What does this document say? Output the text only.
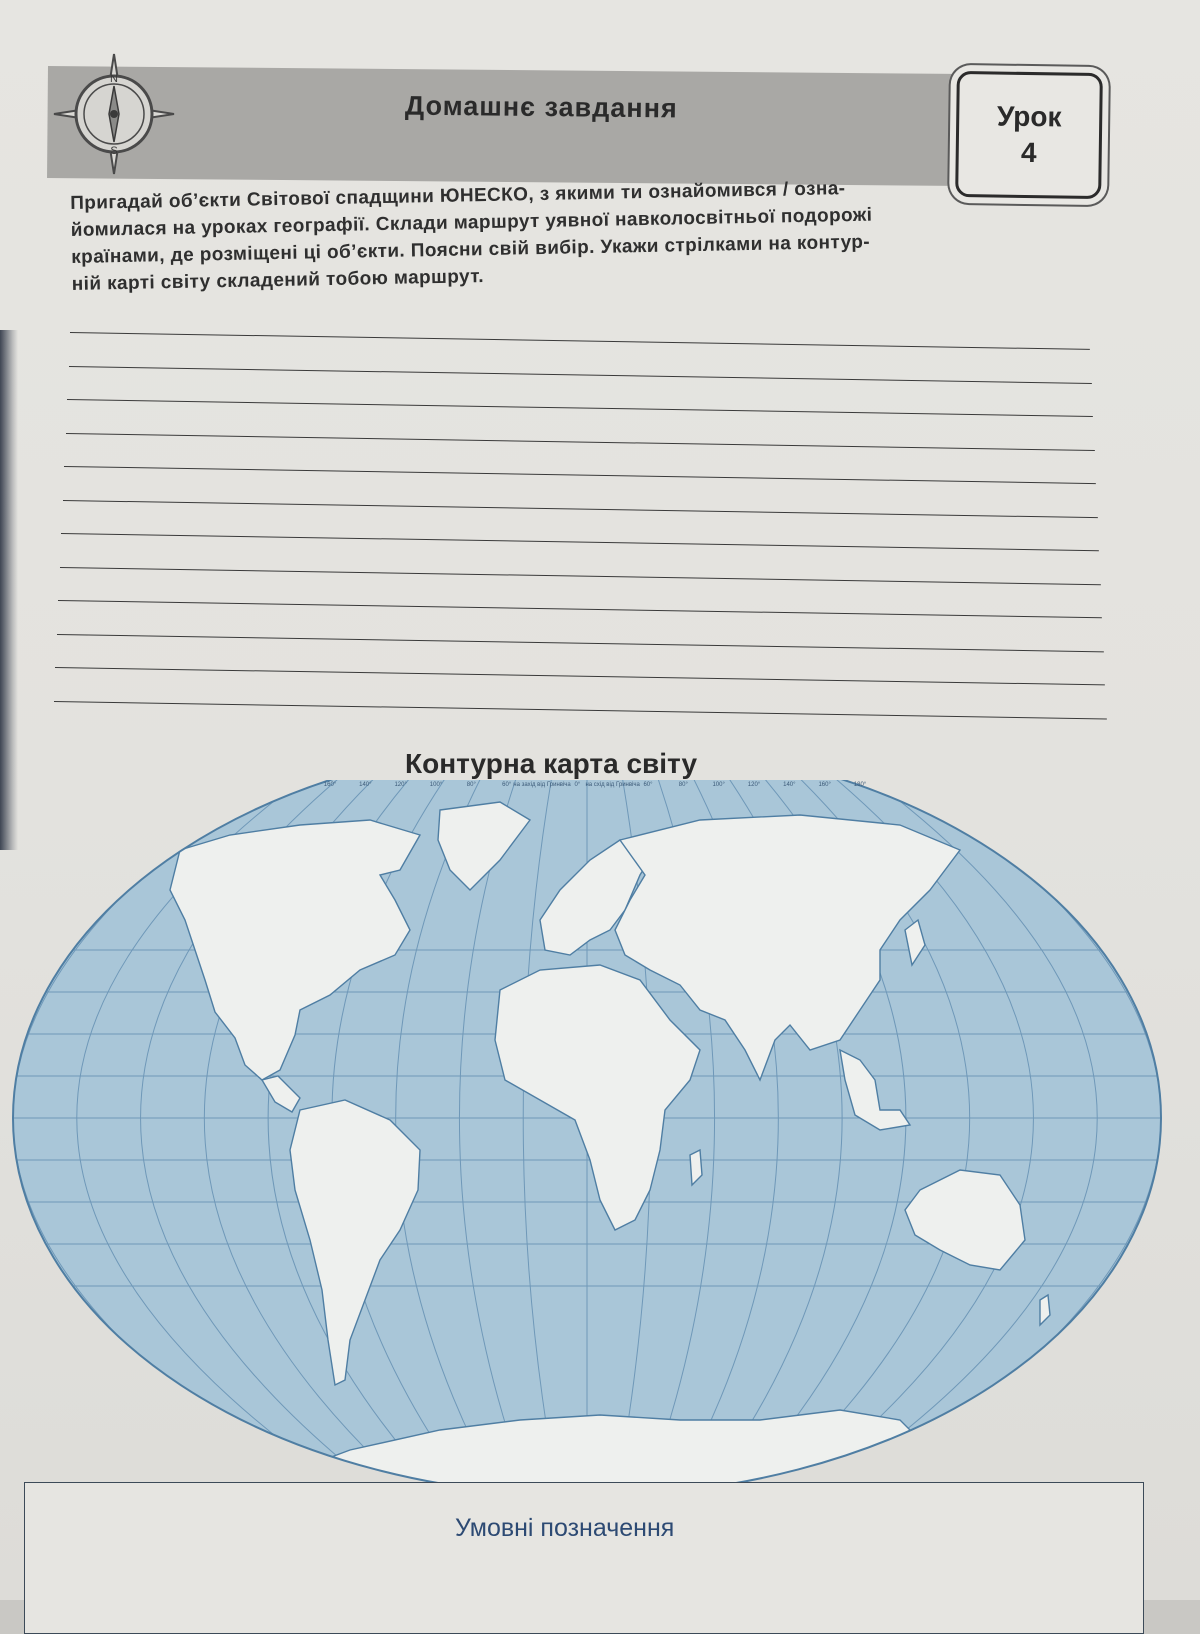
N
S
Домашнє завдання	Урок
4

Пригадай об’єкти Світової спадщини ЮНЕСКО, з якими ти ознайомився / озна-

йомилася на уроках географії. Склади маршрут уявної навколосвітньої подорожі

країнами, де розміщені ці об’єкти. Поясни свій вибір. Укажи стрілками на контур-

ній карті світу складений тобою маршрут.

Контурна карта світу
160°	140°	120°	100°	80°	60° на захід від Гринвіча 0° на схід від Гринвіча 60°	80°	100°	120°	140°	160°	180°
Умовні позначення
